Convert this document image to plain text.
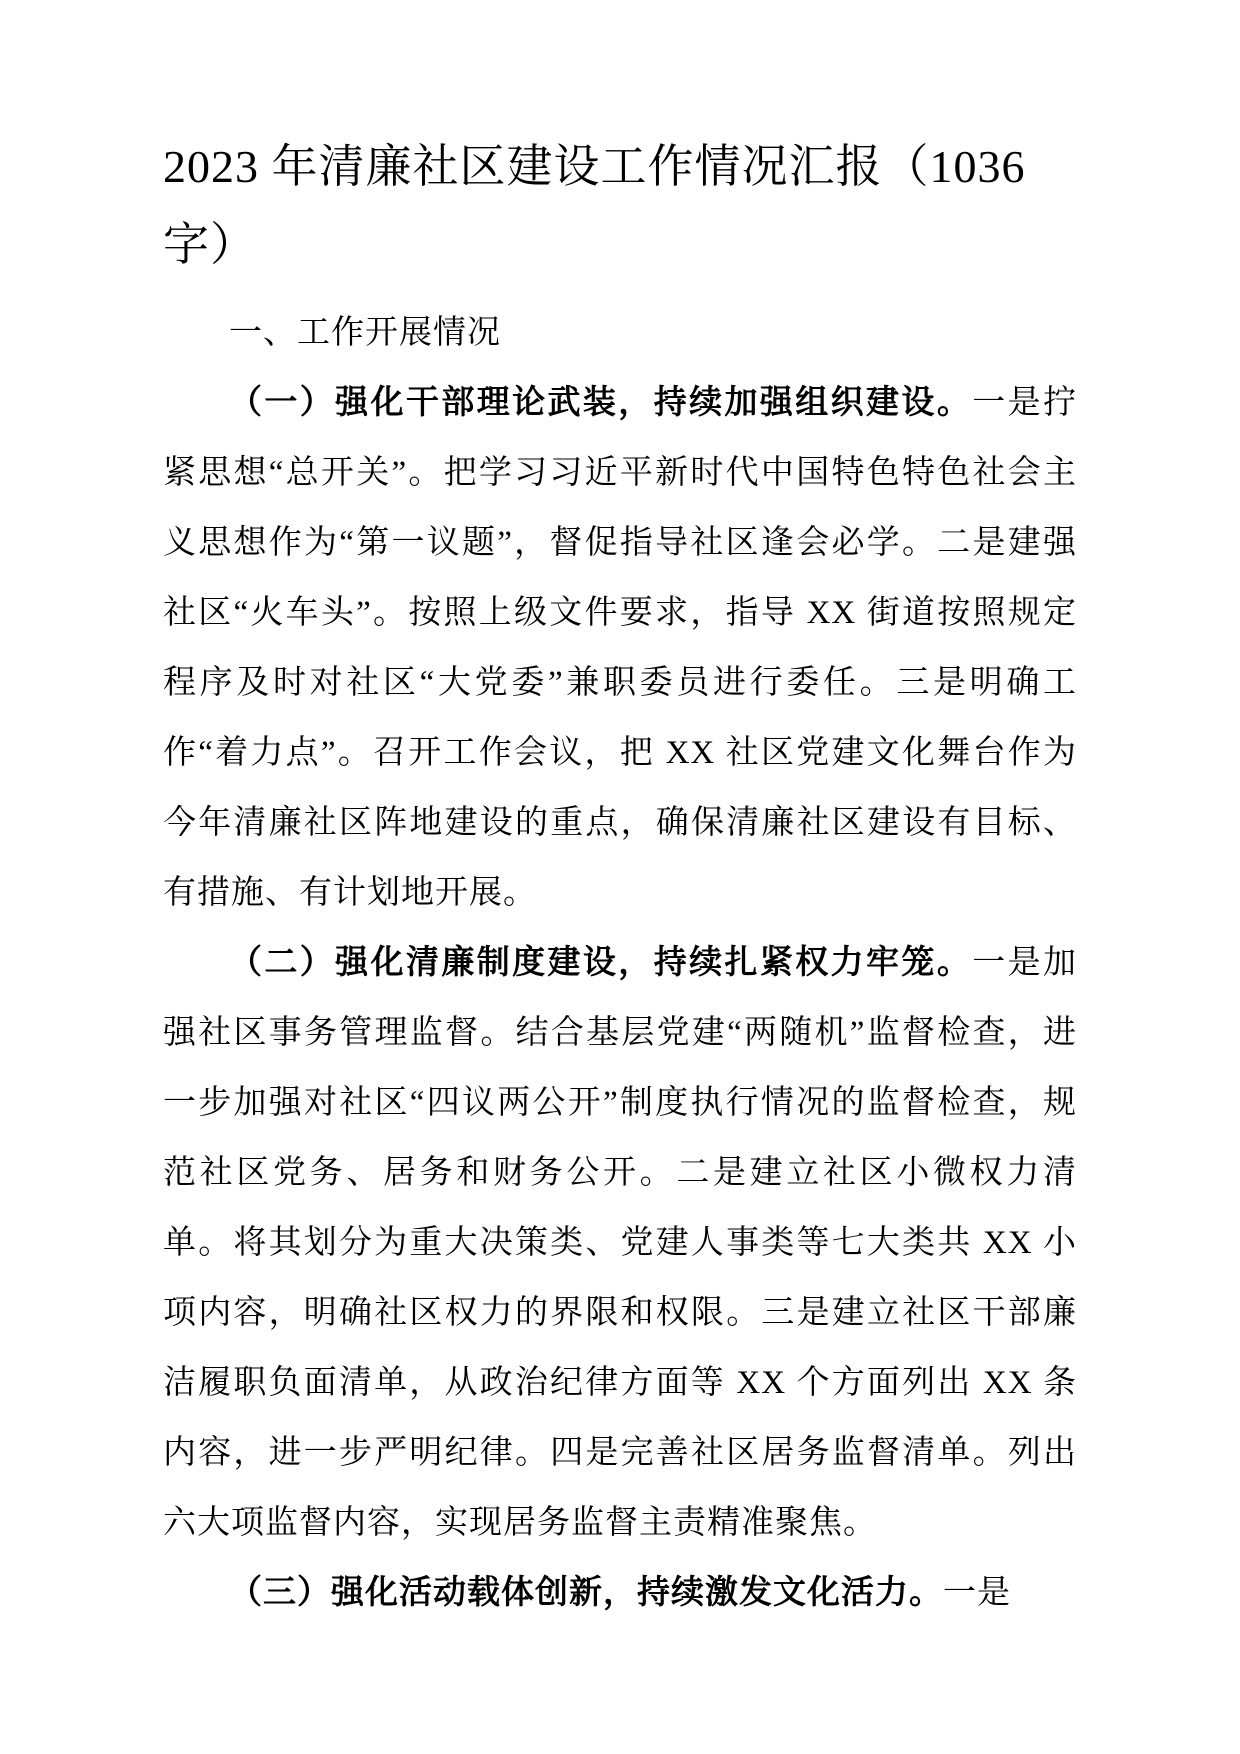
2023 年清廉社区建设工作情况汇报（1036 字）

一、工作开展情况

（一）强化干部理论武装，持续加强组织建设。一是拧紧思想“总开关”。把学习习近平新时代中国特色特色社会主义思想作为“第一议题”，督促指导社区逢会必学。二是建强社区“火车头”。按照上级文件要求，指导 XX 街道按照规定程序及时对社区“大党委”兼职委员进行委任。三是明确工作“着力点”。召开工作会议，把 XX 社区党建文化舞台作为今年清廉社区阵地建设的重点，确保清廉社区建设有目标、有措施、有计划地开展。

（二）强化清廉制度建设，持续扎紧权力牢笼。一是加强社区事务管理监督。结合基层党建“两随机”监督检查，进一步加强对社区“四议两公开”制度执行情况的监督检查，规范社区党务、居务和财务公开。二是建立社区小微权力清单。将其划分为重大决策类、党建人事类等七大类共 XX 小项内容，明确社区权力的界限和权限。三是建立社区干部廉洁履职负面清单，从政治纪律方面等 XX 个方面列出 XX 条内容，进一步严明纪律。四是完善社区居务监督清单。列出六大项监督内容，实现居务监督主责精准聚焦。

（三）强化活动载体创新，持续激发文化活力。一是
